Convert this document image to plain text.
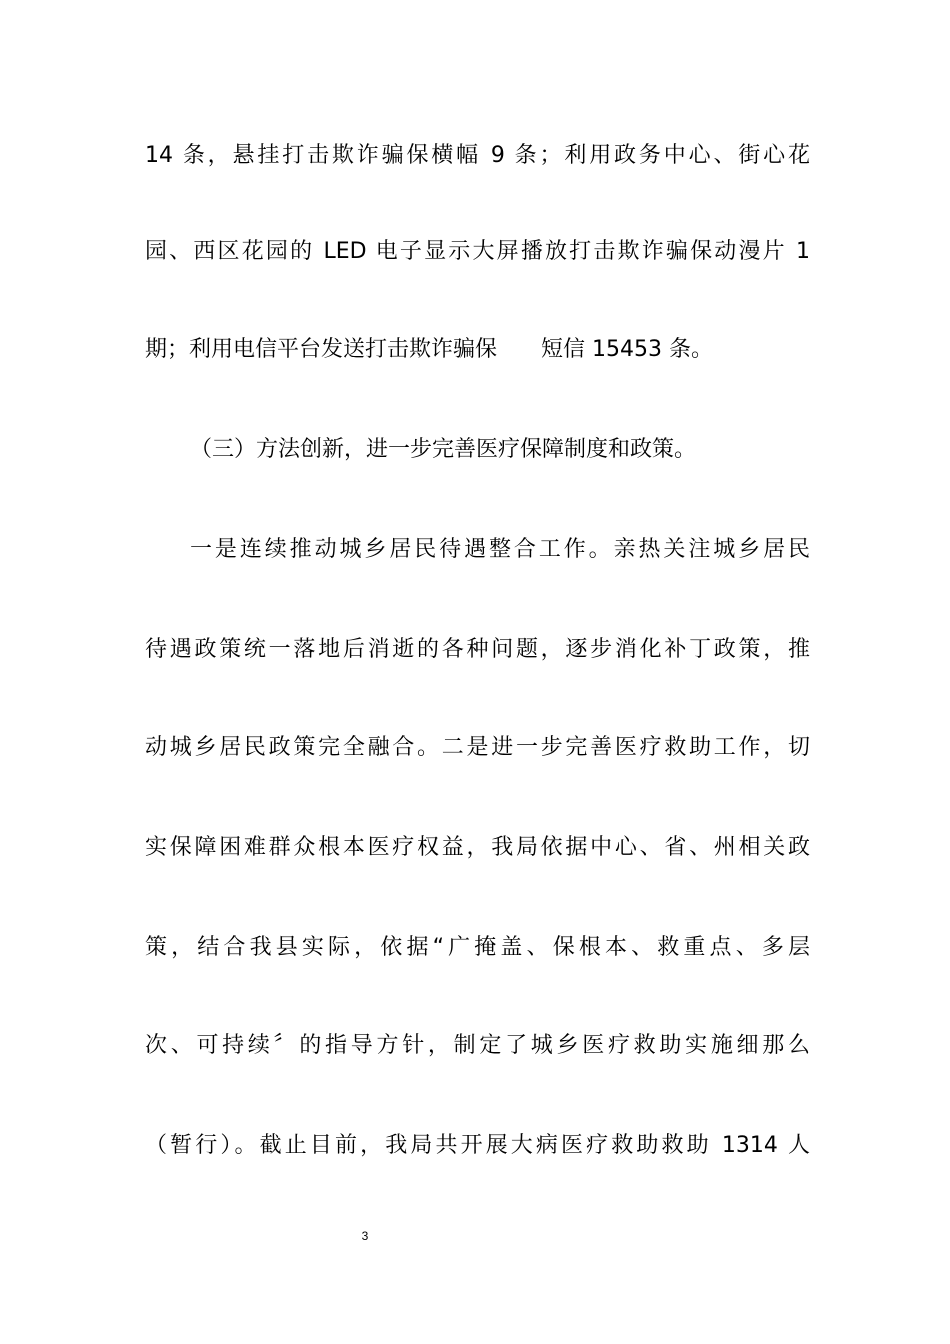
14 条，悬挂打击欺诈骗保横幅 9 条；利用政务中心、街心花
园、西区花园的 LED 电子显示大屏播放打击欺诈骗保动漫片 1
期；利用电信平台发送打击欺诈骗保　　短信 15453 条。
（三）方法创新，进一步完善医疗保障制度和政策。
一是连续推动城乡居民待遇整合工作。亲热关注城乡居民
待遇政策统一落地后消逝的各种问题，逐步消化补丁政策，推
动城乡居民政策完全融合。二是进一步完善医疗救助工作，切
实保障困难群众根本医疗权益，我局依据中心、省、州相关政
策，结合我县实际，依据“广掩盖、保根本、救重点、多层
次、可持续〞的指导方针，制定了城乡医疗救助实施细那么
（暂行）。截止目前，我局共开展大病医疗救助救助 1314 人
3
